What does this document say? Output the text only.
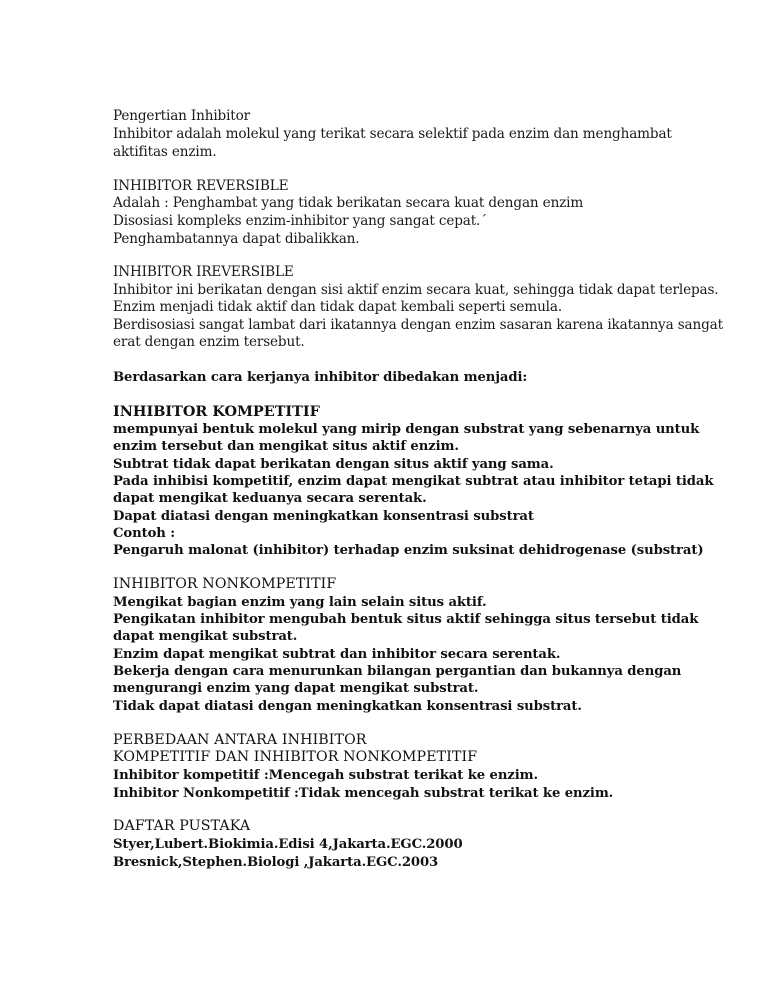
Pengertian Inhibitor
Inhibitor adalah molekul yang terikat secara selektif pada enzim dan menghambat
aktifitas enzim.
INHIBITOR REVERSIBLE
Adalah : Penghambat yang tidak berikatan secara kuat dengan enzim
Disosiasi kompleks enzim-inhibitor yang sangat cepat.´
Penghambatannya dapat dibalikkan.
INHIBITOR IREVERSIBLE
Inhibitor ini berikatan dengan sisi aktif enzim secara kuat, sehingga tidak dapat terlepas.
Enzim menjadi tidak aktif dan tidak dapat kembali seperti semula.
Berdisosiasi sangat lambat dari ikatannya dengan enzim sasaran karena ikatannya sangat
erat dengan enzim tersebut.
Berdasarkan cara kerjanya inhibitor dibedakan menjadi:
INHIBITOR KOMPETITIF
mempunyai bentuk molekul yang mirip dengan substrat yang sebenarnya untuk
enzim tersebut dan mengikat situs aktif enzim.
Subtrat tidak dapat berikatan dengan situs aktif yang sama.
Pada inhibisi kompetitif, enzim dapat mengikat subtrat atau inhibitor tetapi tidak
dapat mengikat keduanya secara serentak.
Dapat diatasi dengan meningkatkan konsentrasi substrat
Contoh :
Pengaruh malonat (inhibitor) terhadap enzim suksinat dehidrogenase (substrat)
INHIBITOR NONKOMPETITIF
Mengikat bagian enzim yang lain selain situs aktif.
Pengikatan inhibitor mengubah bentuk situs aktif sehingga situs tersebut tidak
dapat mengikat substrat.
Enzim dapat mengikat subtrat dan inhibitor secara serentak.
Bekerja dengan cara menurunkan bilangan pergantian dan bukannya dengan
mengurangi enzim yang dapat mengikat substrat.
Tidak dapat diatasi dengan meningkatkan konsentrasi substrat.
PERBEDAAN ANTARA INHIBITOR
KOMPETITIF DAN INHIBITOR NONKOMPETITIF
Inhibitor kompetitif :Mencegah substrat terikat ke enzim.
Inhibitor Nonkompetitif :Tidak mencegah substrat terikat ke enzim.
DAFTAR PUSTAKA
Styer,Lubert.Biokimia.Edisi 4,Jakarta.EGC.2000
Bresnick,Stephen.Biologi ,Jakarta.EGC.2003
